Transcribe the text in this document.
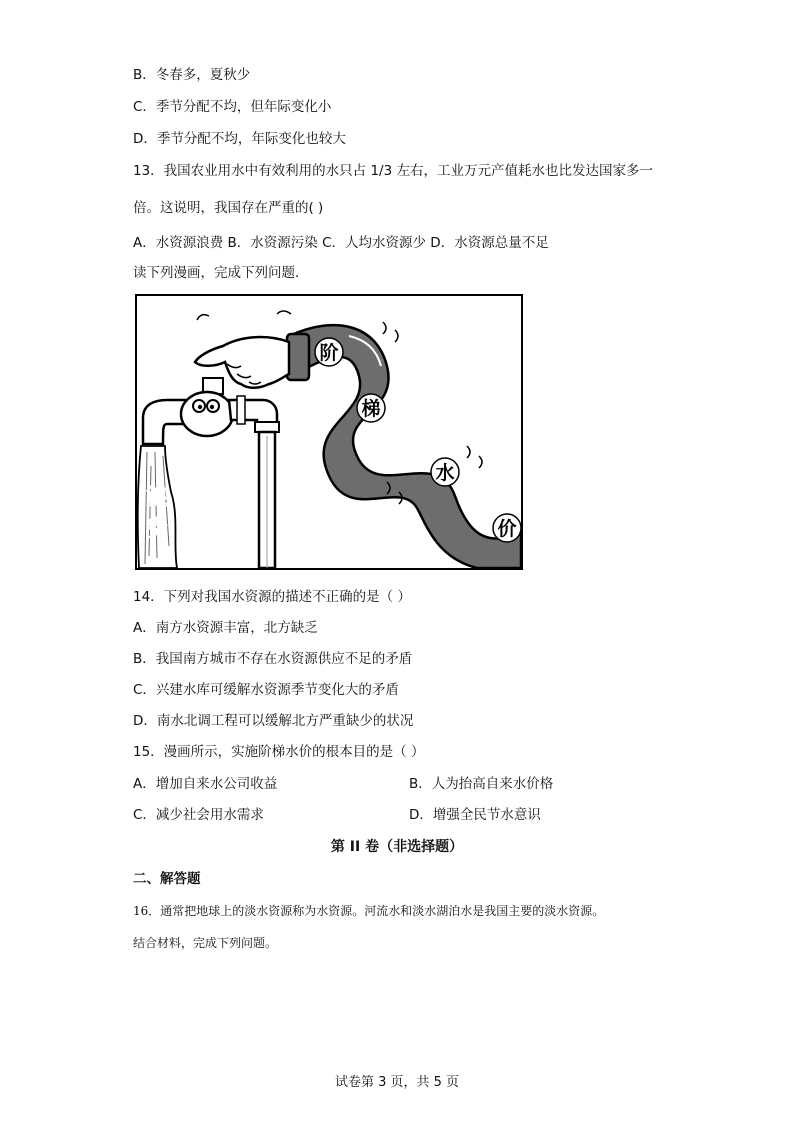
B．冬春多，夏秋少
C．季节分配不均，但年际变化小
D．季节分配不均，年际变化也较大
13．我国农业用水中有效利用的水只占 1/3 左右，工业万元产值耗水也比发达国家多一
倍。这说明，我国存在严重的( )
A．水资源浪费 B．水资源污染 C．人均水资源少 D．水资源总量不足
读下列漫画，完成下列问题．
浪
费
阶
梯
水
价
14．下列对我国水资源的描述不正确的是（ ）
A．南方水资源丰富，北方缺乏
B．我国南方城市不存在水资源供应不足的矛盾
C．兴建水库可缓解水资源季节变化大的矛盾
D．南水北调工程可以缓解北方严重缺少的状况
15．漫画所示，实施阶梯水价的根本目的是（ ）
A．增加自来水公司收益	B．人为抬高自来水价格
C．减少社会用水需求	D．增强全民节水意识
第 II 卷（非选择题）
二、解答题
16．通常把地球上的淡水资源称为水资源。河流水和淡水湖泊水是我国主要的淡水资源。
结合材料，完成下列问题。
试卷第 3 页，共 5 页
